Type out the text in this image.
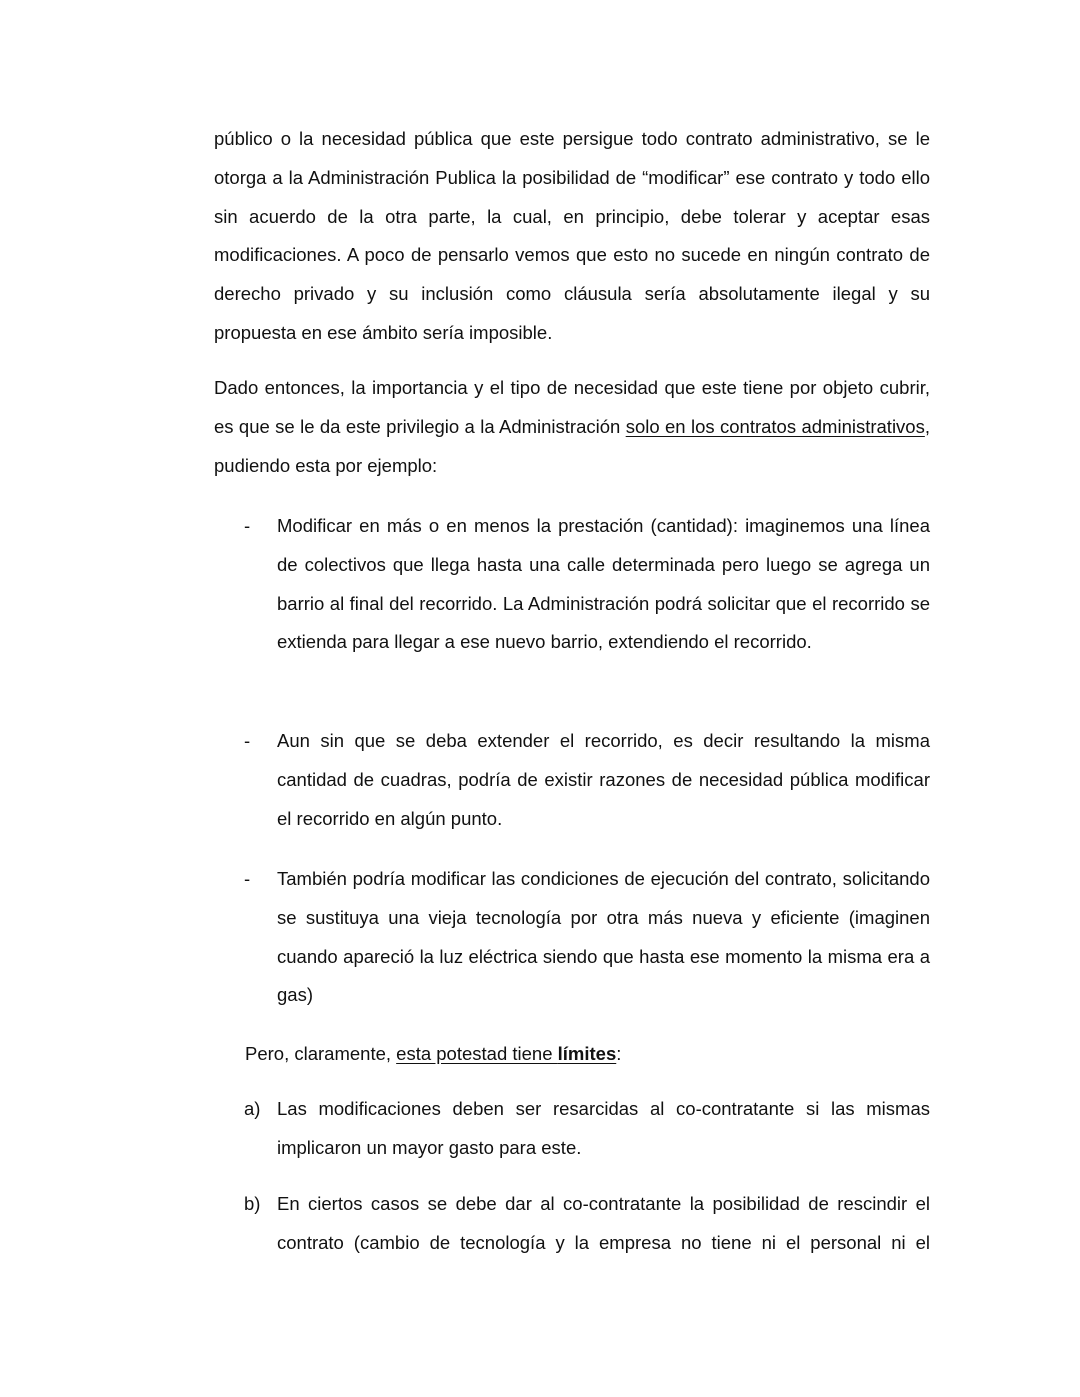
público o la necesidad pública que este persigue todo contrato administrativo, se le otorga a la Administración Publica la posibilidad de “modificar” ese contrato y todo ello sin acuerdo de la otra parte, la cual, en principio, debe tolerar y aceptar esas modificaciones. A poco de pensarlo vemos que esto no sucede en ningún contrato de derecho privado y su inclusión como cláusula sería absolutamente ilegal y su propuesta en ese ámbito sería imposible.

Dado entonces, la importancia y el tipo de necesidad que este tiene por objeto cubrir, es que se le da este privilegio a la Administración solo en los contratos administrativos, pudiendo esta por ejemplo:

-	Modificar en más o en menos la prestación (cantidad): imaginemos una línea de colectivos que llega hasta una calle determinada pero luego se agrega un barrio al final del recorrido. La Administración podrá solicitar que el recorrido se extienda para llegar a ese nuevo barrio, extendiendo el recorrido.

-	Aun sin que se deba extender el recorrido, es decir resultando la misma cantidad de cuadras, podría de existir razones de necesidad pública modificar el recorrido en algún punto.

-	También podría modificar las condiciones de ejecución del contrato, solicitando se sustituya una vieja tecnología por otra más nueva y eficiente (imaginen cuando apareció la luz eléctrica siendo que hasta ese momento la misma era a gas)

Pero, claramente, esta potestad tiene límites:

a) Las modificaciones deben ser resarcidas al co-contratante si las mismas implicaron un mayor gasto para este.

b) En ciertos casos se debe dar al co-contratante la posibilidad de rescindir el contrato (cambio de tecnología y la empresa no tiene ni el personal ni el
